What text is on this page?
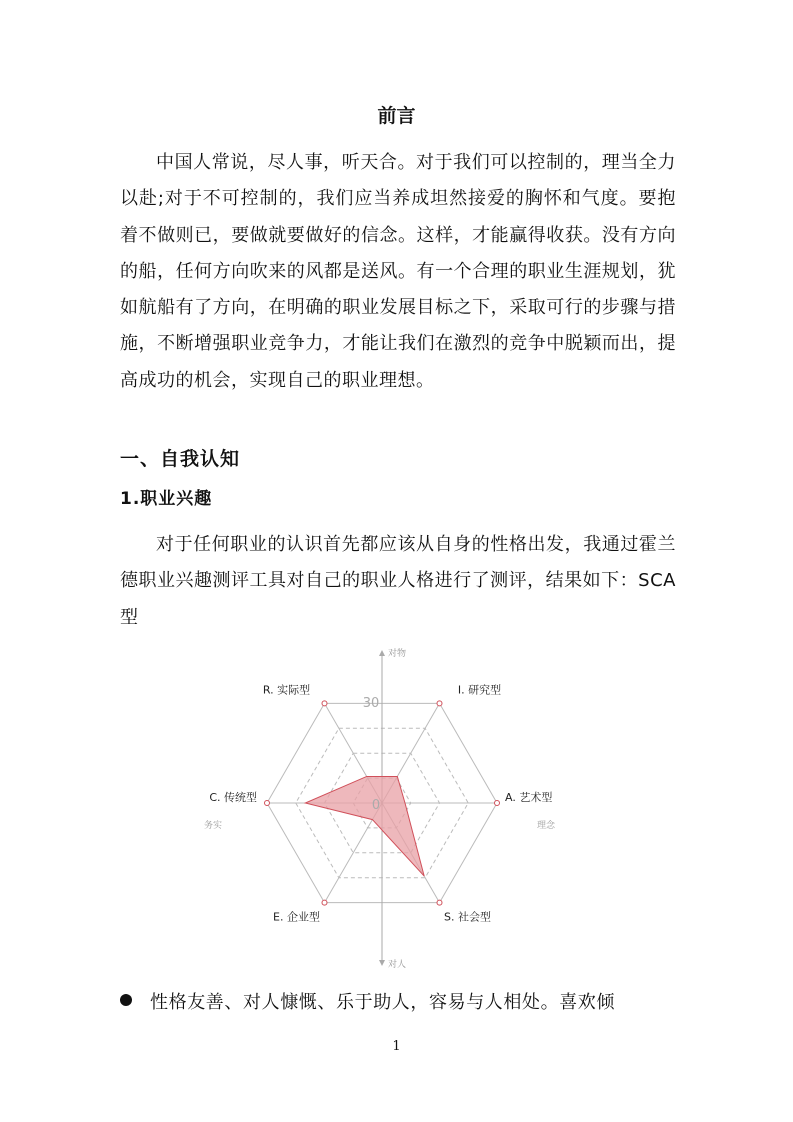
前言

中国人常说，尽人事，听天合。对于我们可以控制的，理当全力以赴;对于不可控制的，我们应当养成坦然接爱的胸怀和气度。要抱着不做则已，要做就要做好的信念。这样，才能赢得收获。没有方向的船，任何方向吹来的风都是送风。有一个合理的职业生涯规划，犹如航船有了方向，在明确的职业发展目标之下，采取可行的步骤与措施，不断增强职业竞争力，才能让我们在激烈的竞争中脱颖而出，提高成功的机会，实现自己的职业理想。

一、自我认知
1.职业兴趣

对于任何职业的认识首先都应该从自身的性格出发，我通过霍兰德职业兴趣测评工具对自己的职业人格进行了测评，结果如下：SCA 型

R. 实际型	I. 研究型
A. 艺术型
S. 社会型
E. 企业型
C. 传统型
0
30
对物
对人
务实	理念
性格友善、对人慷慨、乐于助人，容易与人相处。喜欢倾
1
